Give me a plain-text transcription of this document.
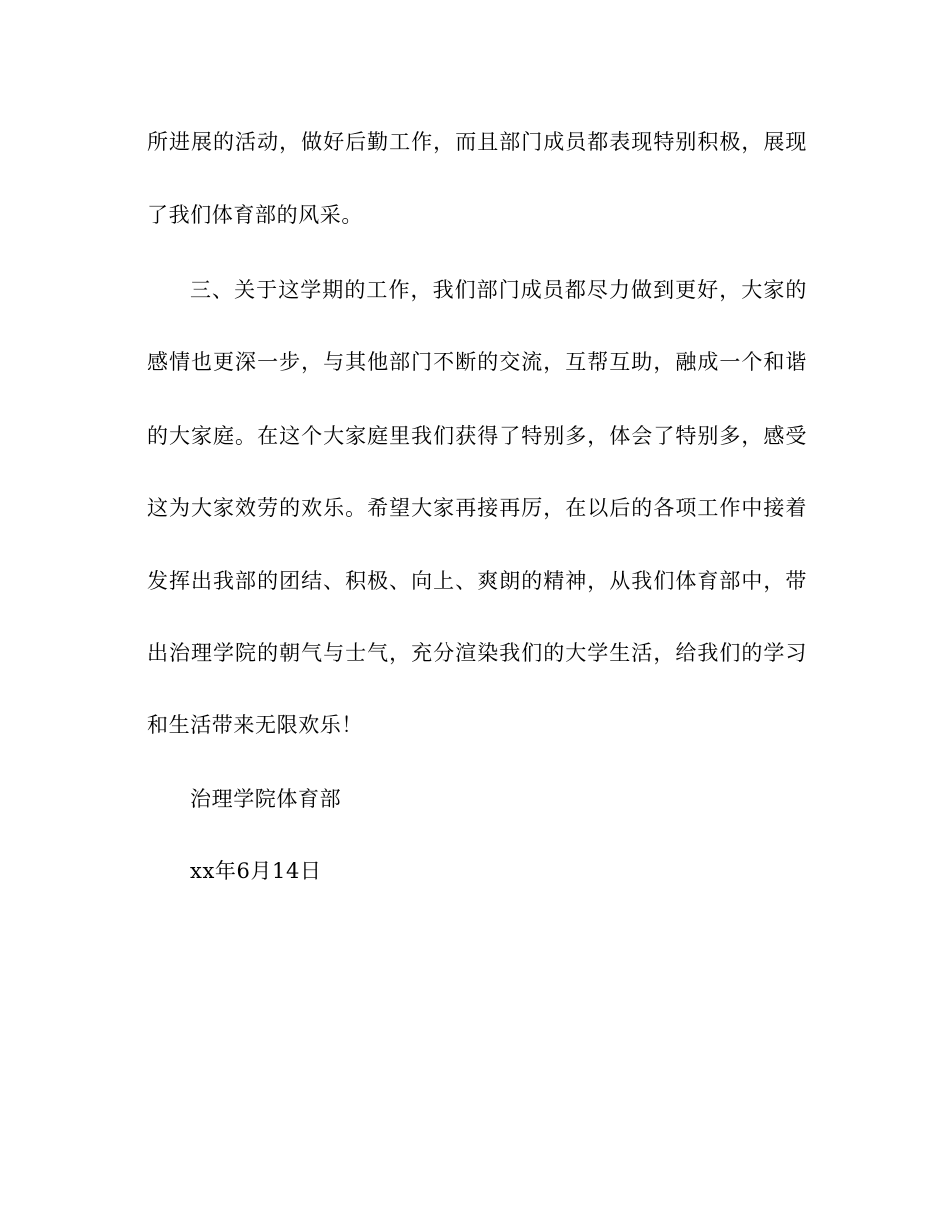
所进展的活动，做好后勤工作，而且部门成员都表现特别积极，展现
了我们体育部的风采。
三、关于这学期的工作，我们部门成员都尽力做到更好，大家的
感情也更深一步，与其他部门不断的交流，互帮互助，融成一个和谐
的大家庭。在这个大家庭里我们获得了特别多，体会了特别多，感受
这为大家效劳的欢乐。希望大家再接再厉，在以后的各项工作中接着
发挥出我部的团结、积极、向上、爽朗的精神，从我们体育部中，带
出治理学院的朝气与士气，充分渲染我们的大学生活，给我们的学习
和生活带来无限欢乐！
治理学院体育部
xx年6月14日
